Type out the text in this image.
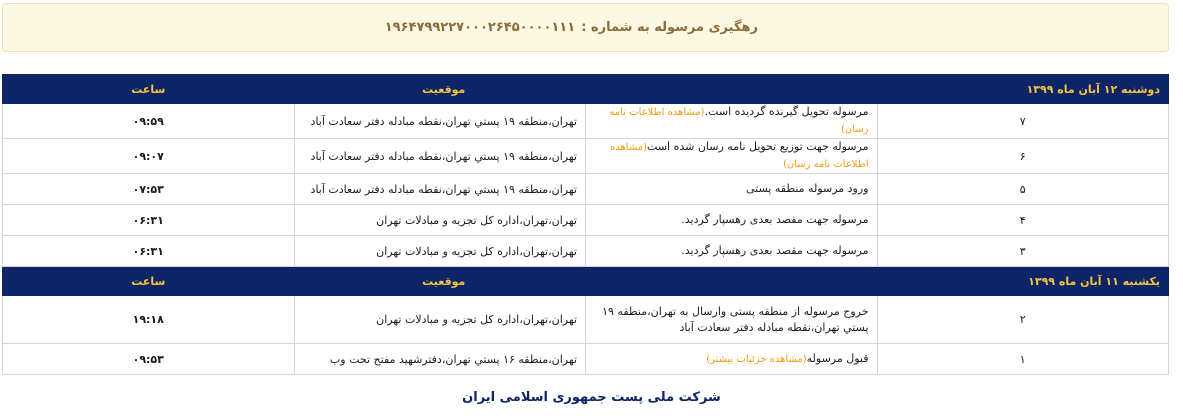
رهگیری مرسوله به شماره :
۱۹۶۴۷۹۹۲۲۷۰۰۰۲۶۴۵۰۰۰۰۱۱۱
دوشنبه ۱۲ آبان ماه ۱۳۹۹		موقعیت	ساعت
۷	مرسوله تحویل گیرنده گردیده است.(مشاهده اطلاعات نامه رسان)	تهران،منطقه ۱۹ پستي تهران،نقطه مبادله دفتر سعادت آباد	۰۹:۵۹
۶	مرسوله جهت توزیع تحویل نامه رسان شده است(مشاهده اطلاعات نامه رسان)	تهران،منطقه ۱۹ پستي تهران،نقطه مبادله دفتر سعادت آباد	۰۹:۰۷
۵	ورود مرسوله منطقه پستی	تهران،منطقه ۱۹ پستي تهران،نقطه مبادله دفتر سعادت آباد	۰۷:۵۳
۴	مرسوله جهت مقصد بعدی رهسپار گردید.	تهران،تهران،اداره کل تجزیه و مبادلات تهران	۰۶:۳۱
۳	مرسوله جهت مقصد بعدی رهسپار گردید.	تهران،تهران،اداره کل تجزیه و مبادلات تهران	۰۶:۳۱
یکشنبه ۱۱ آبان ماه ۱۳۹۹		موقعیت	ساعت
۲	خروج مرسوله از منطقه پستی وارسال به تهران،منطقه ۱۹ پستي تهران،نقطه مبادله دفتر سعادت آباد	تهران،تهران،اداره کل تجزیه و مبادلات تهران	۱۹:۱۸
۱	قبول مرسوله(مشاهده جزئیات بیشتر)	تهران،منطقه ۱۶ پستي تهران،دفترشهید مفتح تحت وب	۰۹:۵۳
شرکت ملی پست جمهوری اسلامی ایران
